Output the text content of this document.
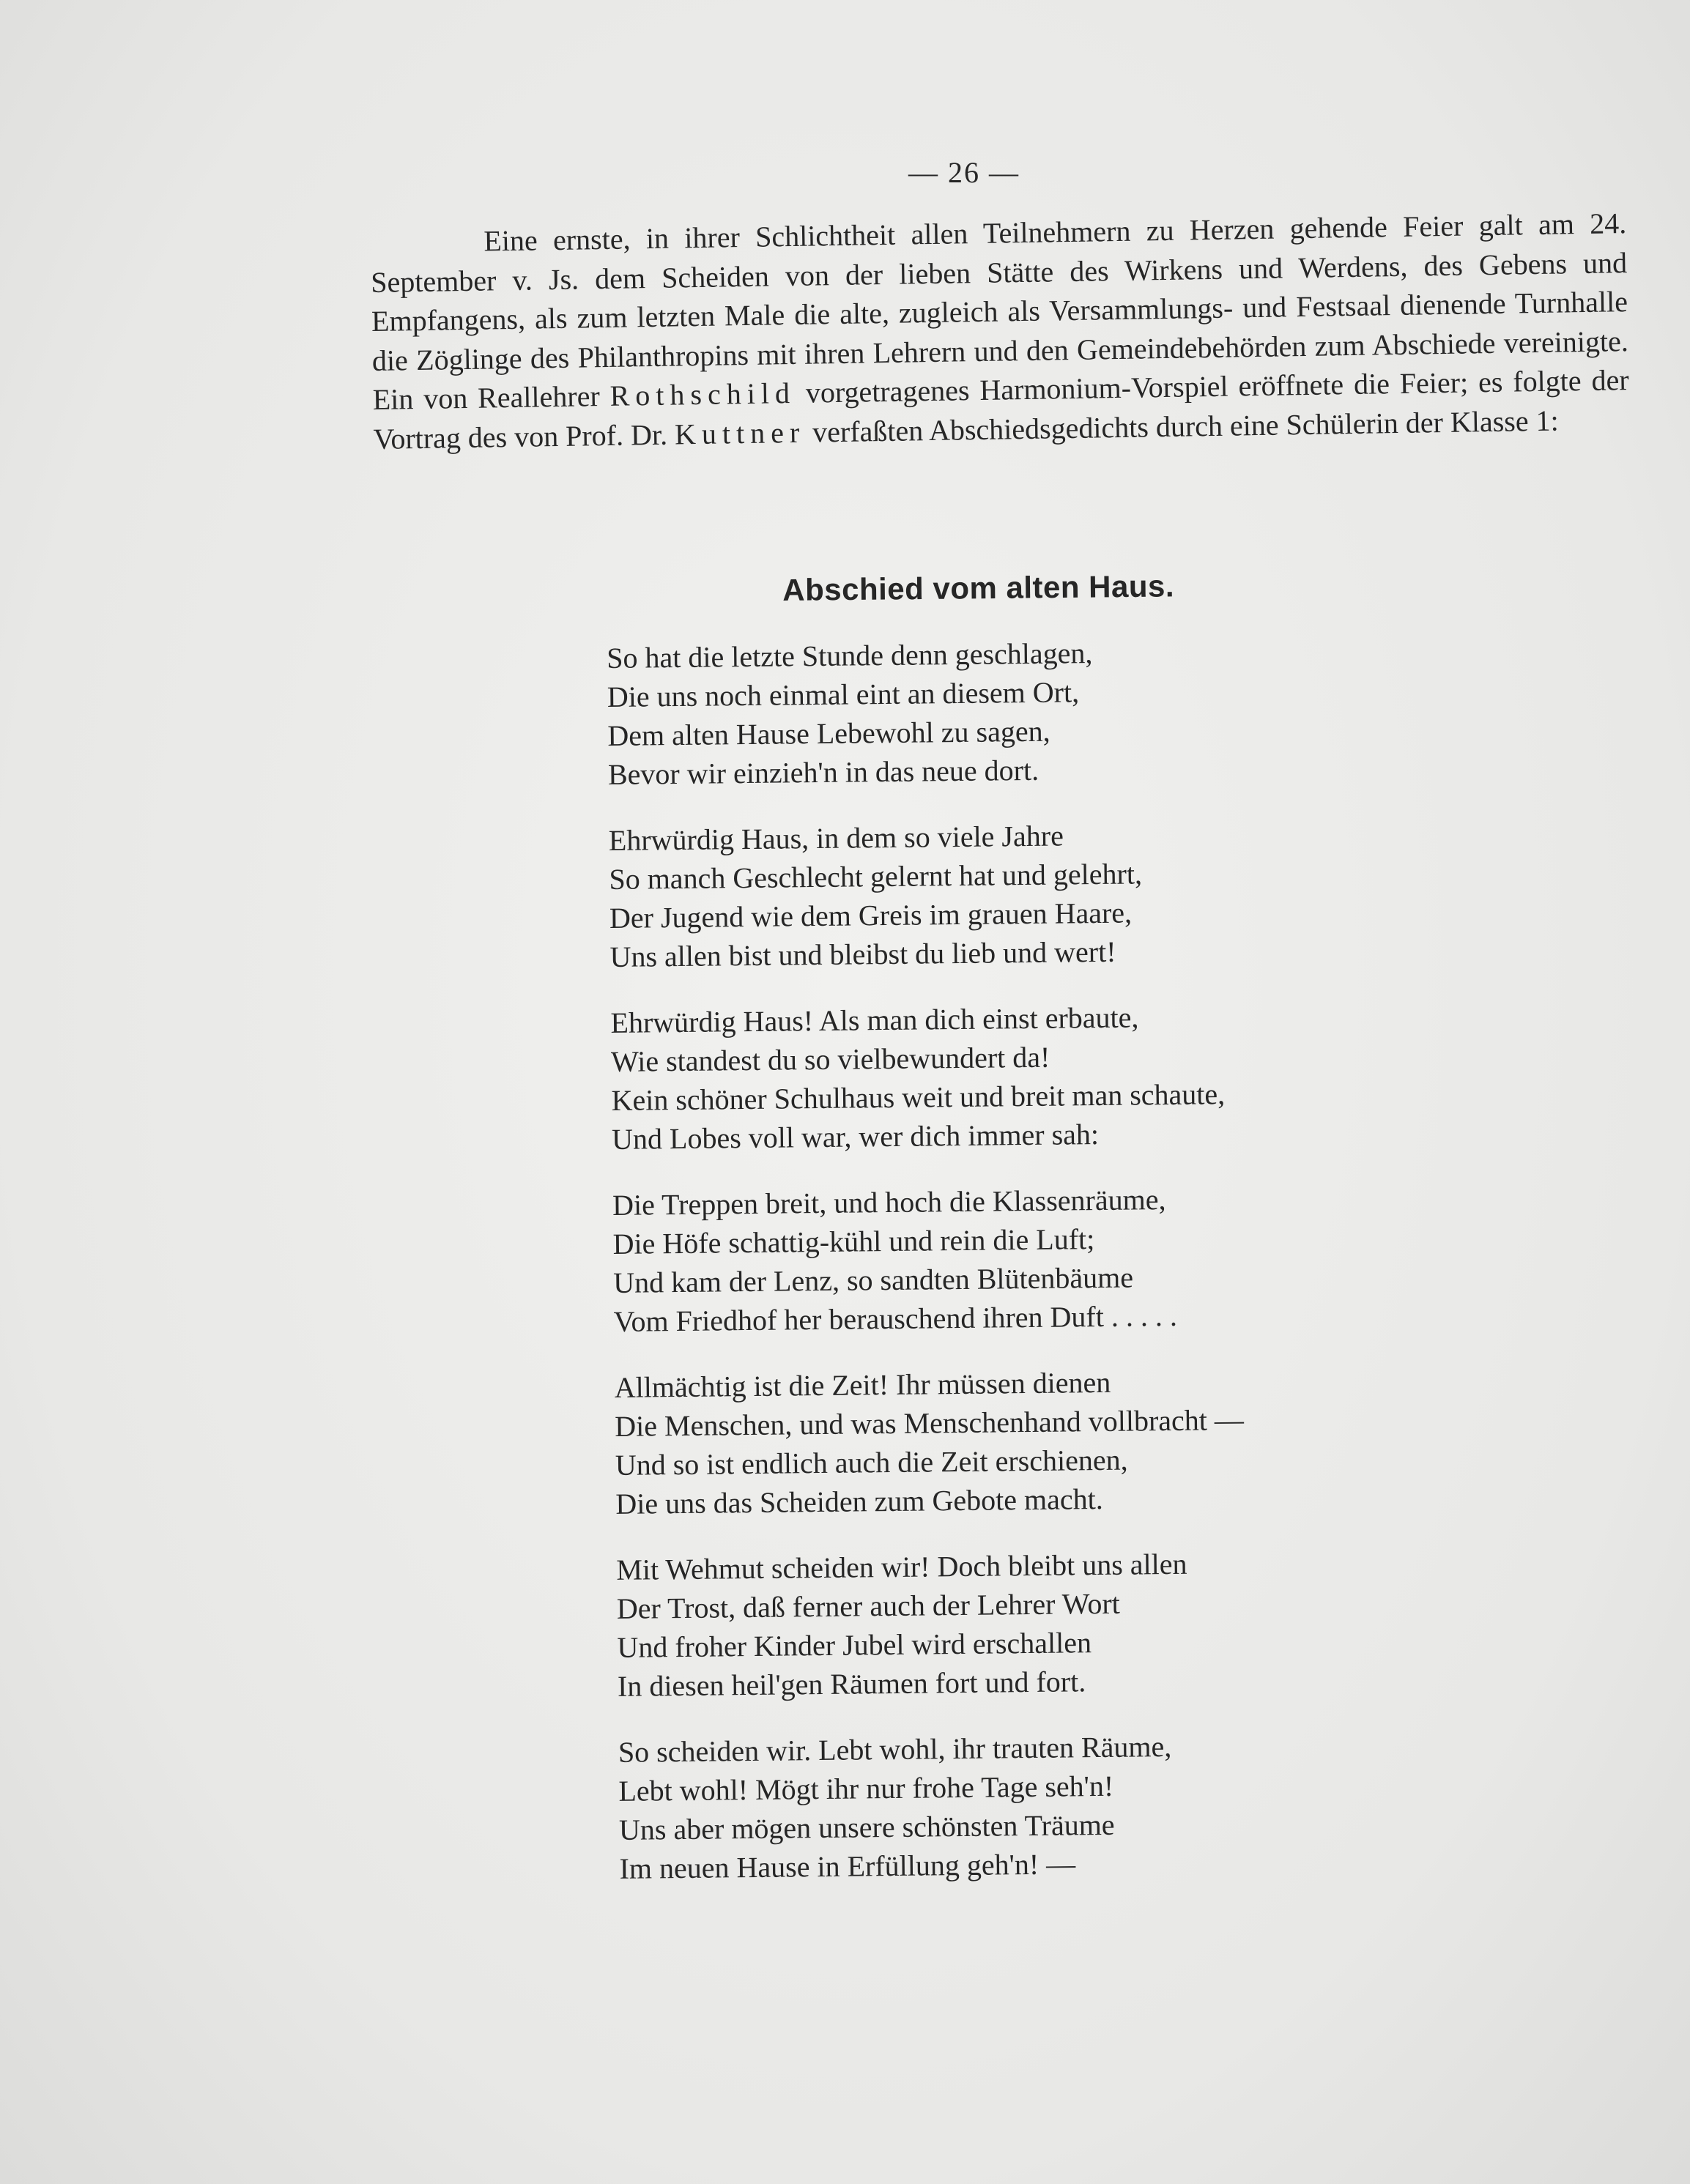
— 26 —

Eine ernste, in ihrer Schlichtheit allen Teilnehmern zu Herzen gehende Feier galt am 24. September v. Js. dem Scheiden von der lieben Stätte des Wirkens und Werdens, des Gebens und Empfangens, als zum letzten Male die alte, zugleich als Versammlungs- und Festsaal dienende Turnhalle die Zöglinge des Philanthropins mit ihren Lehrern und den Gemeindebehörden zum Abschiede vereinigte. Ein von Reallehrer Rothschild vorgetragenes Harmonium-Vorspiel eröffnete die Feier; es folgte der Vortrag des von Prof. Dr. Kuttner verfaßten Abschiedsgedichts durch eine Schülerin der Klasse 1:

Abschied vom alten Haus.
So hat die letzte Stunde denn geschlagen,
Die uns noch einmal eint an diesem Ort,
Dem alten Hause Lebewohl zu sagen,
Bevor wir einzieh'n in das neue dort.
Ehrwürdig Haus, in dem so viele Jahre
So manch Geschlecht gelernt hat und gelehrt,
Der Jugend wie dem Greis im grauen Haare,
Uns allen bist und bleibst du lieb und wert!
Ehrwürdig Haus! Als man dich einst erbaute,
Wie standest du so vielbewundert da!
Kein schöner Schulhaus weit und breit man schaute,
Und Lobes voll war, wer dich immer sah:
Die Treppen breit, und hoch die Klassenräume,
Die Höfe schattig-kühl und rein die Luft;
Und kam der Lenz, so sandten Blütenbäume
Vom Friedhof her berauschend ihren Duft . . . . .
Allmächtig ist die Zeit! Ihr müssen dienen
Die Menschen, und was Menschenhand vollbracht —
Und so ist endlich auch die Zeit erschienen,
Die uns das Scheiden zum Gebote macht.
Mit Wehmut scheiden wir! Doch bleibt uns allen
Der Trost, daß ferner auch der Lehrer Wort
Und froher Kinder Jubel wird erschallen
In diesen heil'gen Räumen fort und fort.
So scheiden wir. Lebt wohl, ihr trauten Räume,
Lebt wohl! Mögt ihr nur frohe Tage seh'n!
Uns aber mögen unsere schönsten Träume
Im neuen Hause in Erfüllung geh'n! —
